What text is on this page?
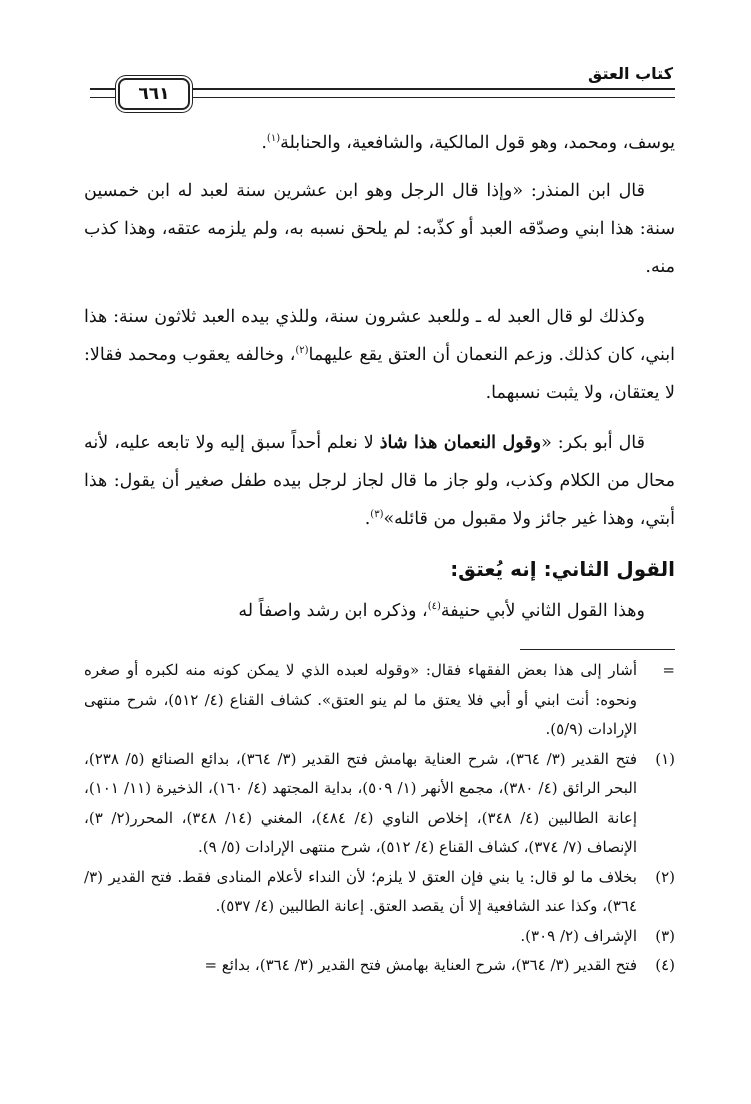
كتاب العتق
٦٦١

يوسف، ومحمد، وهو قول المالكية، والشافعية، والحنابلة$^{(١)}$.

قال ابن المنذر: «وإذا قال الرجل وهو ابن عشرين سنة لعبد له ابن خمسين سنة: هذا ابني وصدّقه العبد أو كذّبه: لم يلحق نسبه به، ولم يلزمه عتقه، وهذا كذب منه.

وكذلك لو قال العبد له ـ وللعبد عشرون سنة، وللذي بيده العبد ثلاثون سنة: هذا ابني، كان كذلك. وزعم النعمان أن العتق يقع عليهما$^{(٢)}$، وخالفه يعقوب ومحمد فقالا: لا يعتقان، ولا يثبت نسبهما.

قال أبو بكر: «وقول النعمان هذا شاذ لا نعلم أحداً سبق إليه ولا تابعه عليه، لأنه محال من الكلام وكذب، ولو جاز ما قال لجاز لرجل بيده طفل صغير أن يقول: هذا أبتي، وهذا غير جائز ولا مقبول من قائله»$^{(٣)}$.

القول الثاني: إنه يُعتق:

وهذا القول الثاني لأبي حنيفة$^{(٤)}$، وذكره ابن رشد واصفاً له

=
أشار إلى هذا بعض الفقهاء فقال: «وقوله لعبده الذي لا يمكن كونه منه لكبره أو صغره ونحوه: أنت ابني أو أبي فلا يعتق ما لم ينو العتق». كشاف القناع (٤/ ٥١٢)، شرح منتهى الإرادات (٥/٩).
(١)
فتح القدير (٣/ ٣٦٤)، شرح العناية بهامش فتح القدير (٣/ ٣٦٤)، بدائع الصنائع (٥/ ٢٣٨)، البحر الرائق (٤/ ٣٨٠)، مجمع الأنهر (١/ ٥٠٩)، بداية المجتهد (٤/ ١٦٠)، الذخيرة (١١/ ١٠١)، إعانة الطالبين (٤/ ٣٤٨)، إخلاص الناوي (٤/ ٤٨٤)، المغني (١٤/ ٣٤٨)، المحرر(٢/ ٣)، الإنصاف (٧/ ٣٧٤)، كشاف القناع (٤/ ٥١٢)، شرح منتهى الإرادات (٥/ ٩).
(٢)
بخلاف ما لو قال: يا بني فإن العتق لا يلزم؛ لأن النداء لأعلام المنادى فقط. فتح القدير (٣/ ٣٦٤)، وكذا عند الشافعية إلا أن يقصد العتق. إعانة الطالبين (٤/ ٥٣٧).
(٣)
الإشراف (٢/ ٣٠٩).
(٤)
فتح القدير (٣/ ٣٦٤)، شرح العناية بهامش فتح القدير (٣/ ٣٦٤)، بدائع =
